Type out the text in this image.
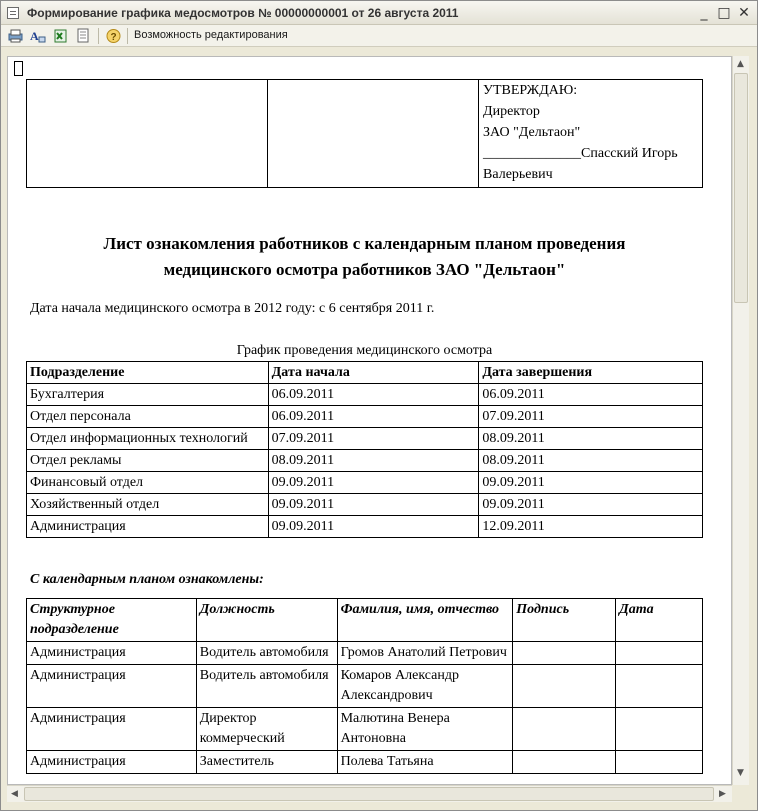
Формирование графика медосмотров № 00000000001 от 26 августа 2011	_ □ ✕
A	? Возможность редактирования

УТВЕРЖДАЮ:
Директор
ЗАО "Дельтаон"
______________Спасский Игорь
Валерьевич
Лист ознакомления работников с календарным планом проведения
медицинского осмотра работников ЗАО "Дельтаон"
Дата начала медицинского осмотра в 2012 году: с 6 сентября 2011 г.
График проведения медицинского осмотра
Подразделение	Дата начала	Дата завершения
Бухгалтерия	06.09.2011	06.09.2011
Отдел персонала	06.09.2011	07.09.2011
Отдел информационных технологий	07.09.2011	08.09.2011
Отдел рекламы	08.09.2011	08.09.2011
Финансовый отдел	09.09.2011	09.09.2011
Хозяйственный отдел	09.09.2011	09.09.2011
Администрация	09.09.2011	12.09.2011
С календарным планом ознакомлены:
Структурное подразделение	Должность	Фамилия, имя, отчество	Подпись	Дата
Администрация	Водитель автомобиля	Громов Анатолий Петрович		
Администрация	Водитель автомобиля	Комаров Александр Александрович		
Администрация	Директор коммерческий	Малютина Венера Антоновна		
Администрация	Заместитель	Полева Татьяна		
▲
▼
◀	▶
